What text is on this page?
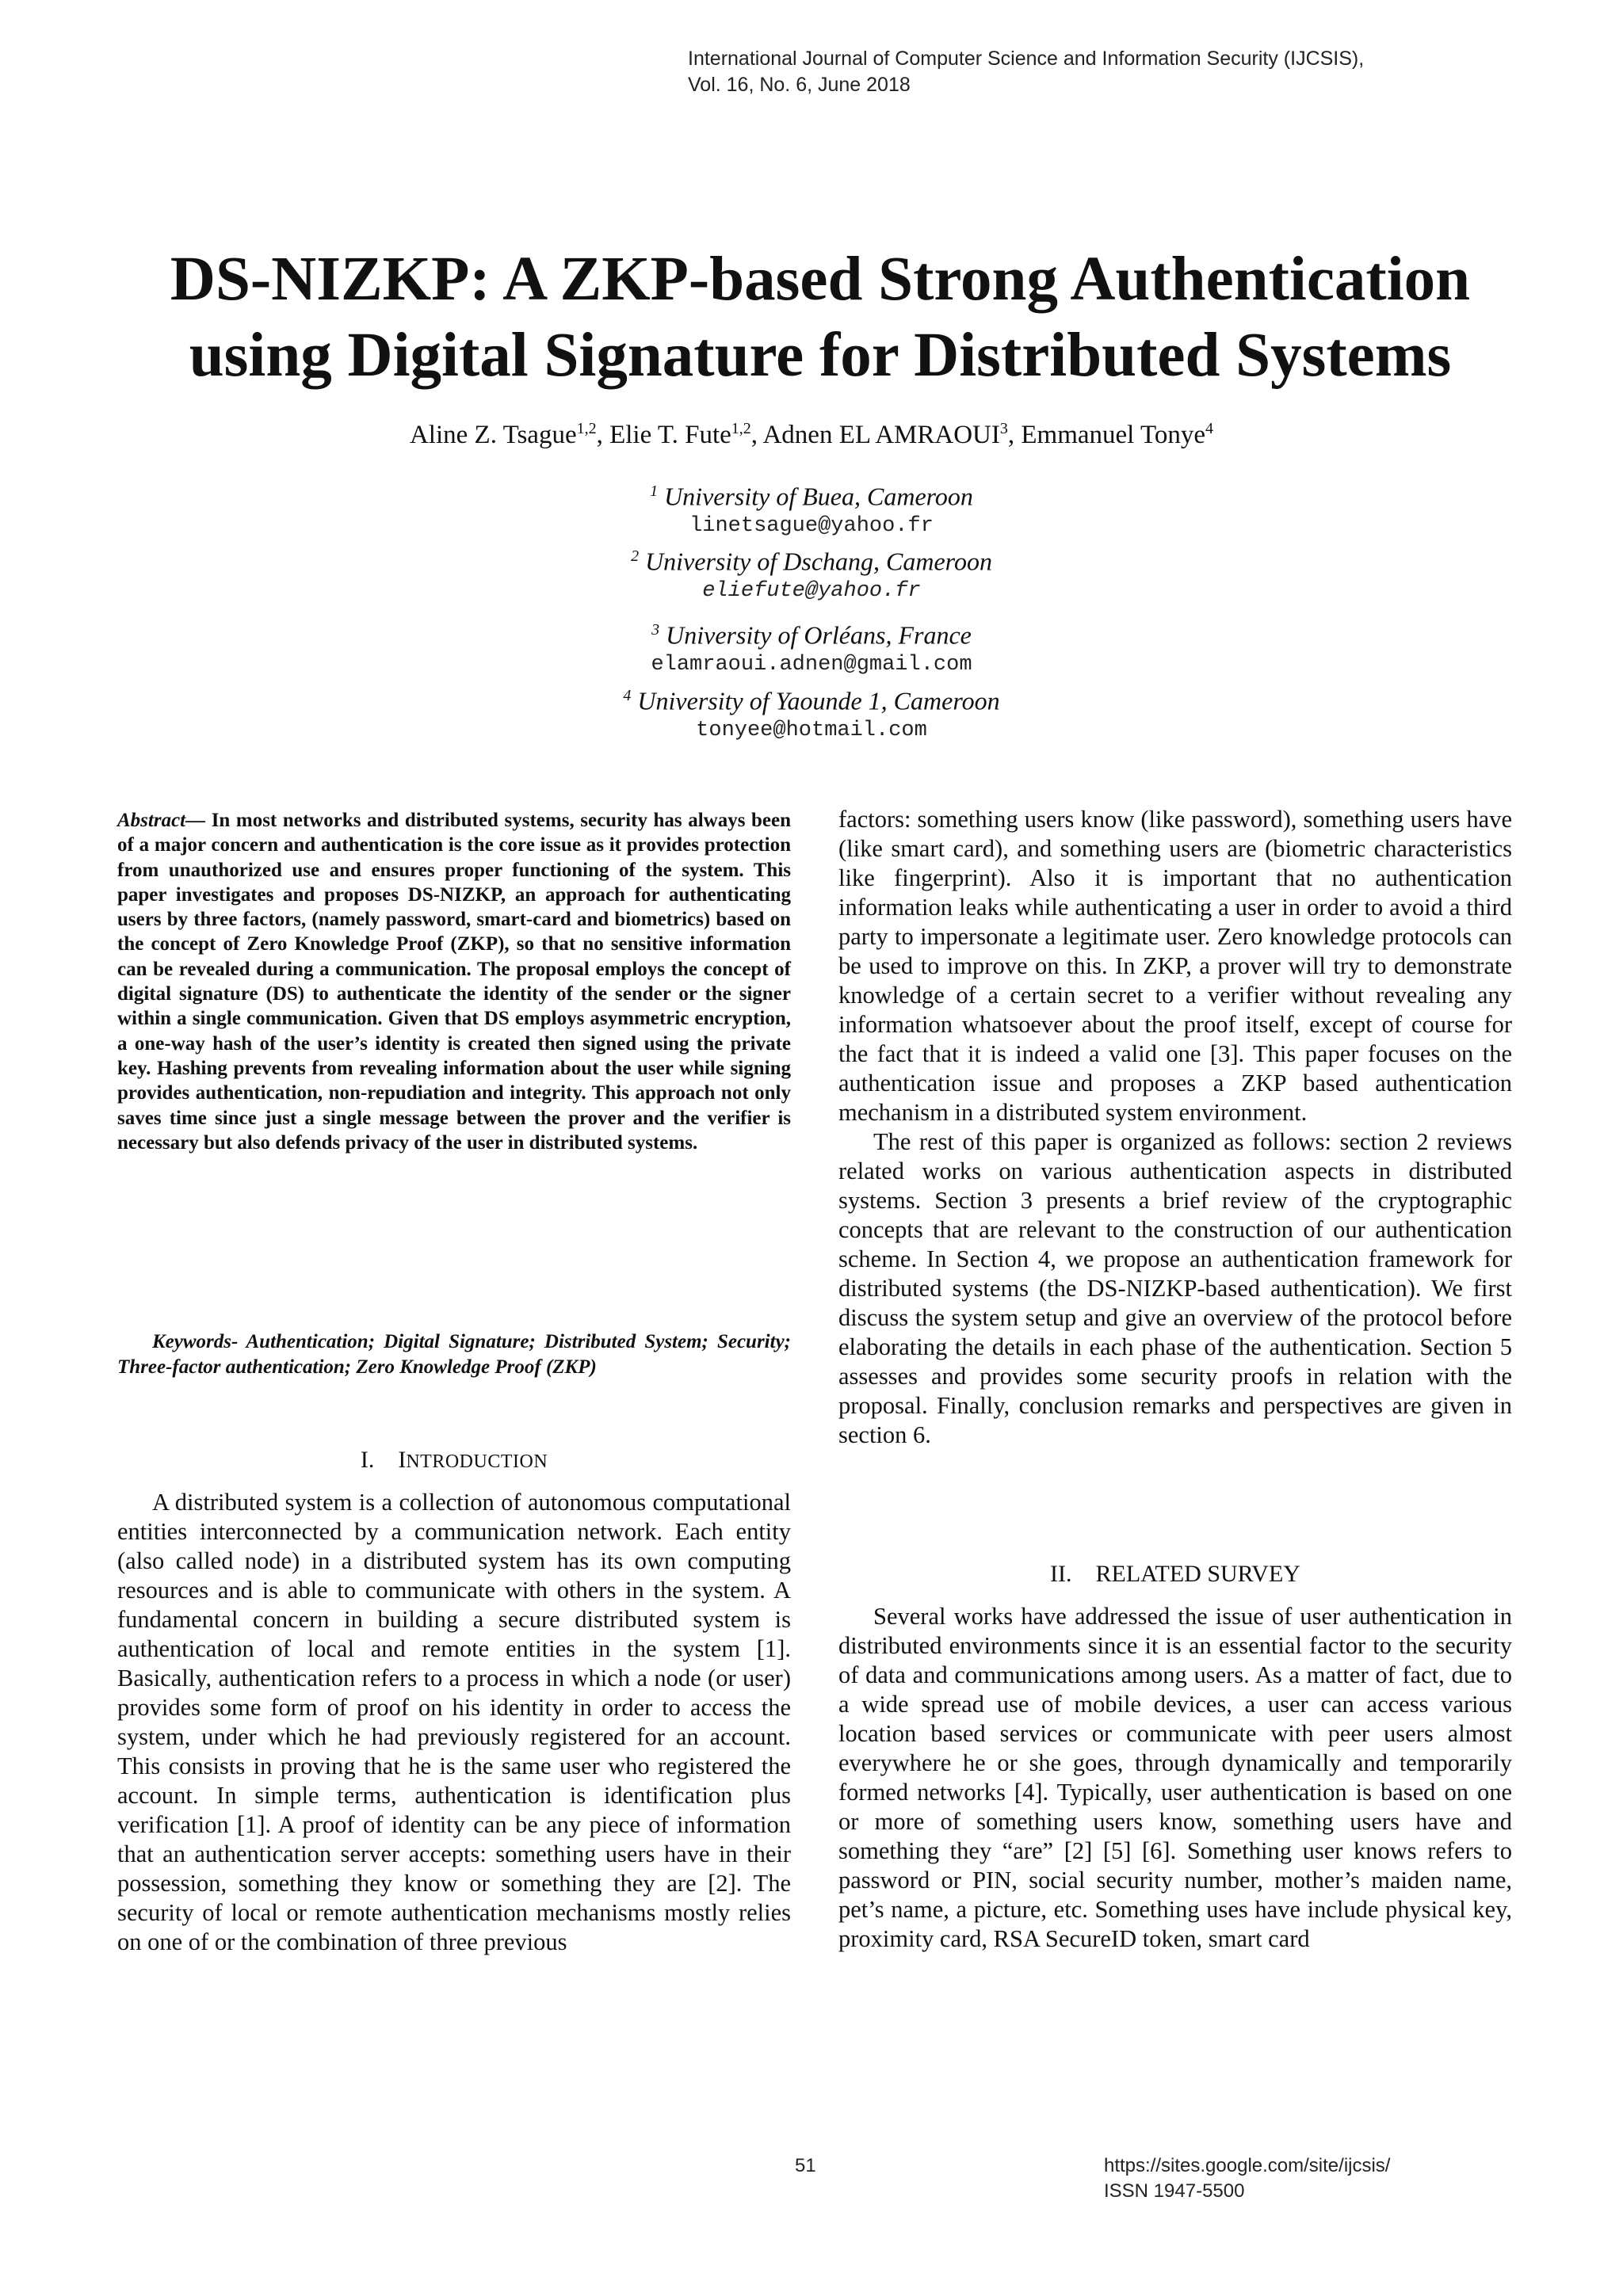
International Journal of Computer Science and Information Security (IJCSIS),
Vol. 16, No. 6, June 2018
DS-NIZKP: A ZKP-based Strong Authentication
using Digital Signature for Distributed Systems
Aline Z. Tsague$^{1,2}$, Elie T. Fute$^{1,2}$, Adnen EL AMRAOUI$^3$, Emmanuel Tonye$^4$
$^1$ University of Buea, Cameroon
linetsague@yahoo.fr
$^2$ University of Dschang, Cameroon
eliefute@yahoo.fr
$^3$ University of Orléans, France
elamraoui.adnen@gmail.com
$^4$ University of Yaounde 1, Cameroon
tonyee@hotmail.com
Abstract— In most networks and distributed systems, security has always been of a major concern and authentication is the core issue as it provides protection from unauthorized use and ensures proper functioning of the system. This paper investigates and proposes DS-NIZKP, an approach for authenticating users by three factors, (namely password, smart-card and biometrics) based on the concept of Zero Knowledge Proof (ZKP), so that no sensitive information can be revealed during a communication. The proposal employs the concept of digital signature (DS) to authenticate the identity of the sender or the signer within a single communication. Given that DS employs asymmetric encryption, a one-way hash of the user’s identity is created then signed using the private key. Hashing prevents from revealing information about the user while signing provides authentication, non-repudiation and integrity. This approach not only saves time since just a single message between the prover and the verifier is necessary but also defends privacy of the user in distributed systems.
Keywords- Authentication; Digital Signature; Distributed System; Security; Three-factor authentication; Zero Knowledge Proof (ZKP)
I. INTRODUCTION

A distributed system is a collection of autonomous computational entities interconnected by a communication network. Each entity (also called node) in a distributed system has its own computing resources and is able to communicate with others in the system. A fundamental concern in building a secure distributed system is authentication of local and remote entities in the system [1]. Basically, authentication refers to a process in which a node (or user) provides some form of proof on his identity in order to access the system, under which he had previously registered for an account. This consists in proving that he is the same user who registered the account. In simple terms, authentication is identification plus verification [1]. A proof of identity can be any piece of information that an authentication server accepts: something users have in their possession, something they know or something they are [2]. The security of local or remote authentication mechanisms mostly relies on one of or the combination of three previous

factors: something users know (like password), something users have (like smart card), and something users are (biometric characteristics like fingerprint). Also it is important that no authentication information leaks while authenticating a user in order to avoid a third party to impersonate a legitimate user. Zero knowledge protocols can be used to improve on this. In ZKP, a prover will try to demonstrate knowledge of a certain secret to a verifier without revealing any information whatsoever about the proof itself, except of course for the fact that it is indeed a valid one [3]. This paper focuses on the authentication issue and proposes a ZKP based authentication mechanism in a distributed system environment.

The rest of this paper is organized as follows: section 2 reviews related works on various authentication aspects in distributed systems. Section 3 presents a brief review of the cryptographic concepts that are relevant to the construction of our authentication scheme. In Section 4, we propose an authentication framework for distributed systems (the DS-NIZKP-based authentication). We first discuss the system setup and give an overview of the protocol before elaborating the details in each phase of the authentication. Section 5 assesses and provides some security proofs in relation with the proposal. Finally, conclusion remarks and perspectives are given in section 6.

II. RELATED SURVEY

Several works have addressed the issue of user authentication in distributed environments since it is an essential factor to the security of data and communications among users. As a matter of fact, due to a wide spread use of mobile devices, a user can access various location based services or communicate with peer users almost everywhere he or she goes, through dynamically and temporarily formed networks [4]. Typically, user authentication is based on one or more of something users know, something users have and something they “are” [2] [5] [6]. Something user knows refers to password or PIN, social security number, mother’s maiden name, pet’s name, a picture, etc. Something uses have include physical key, proximity card, RSA SecureID token, smart card

51	https://sites.google.com/site/ijcsis/
ISSN 1947-5500
